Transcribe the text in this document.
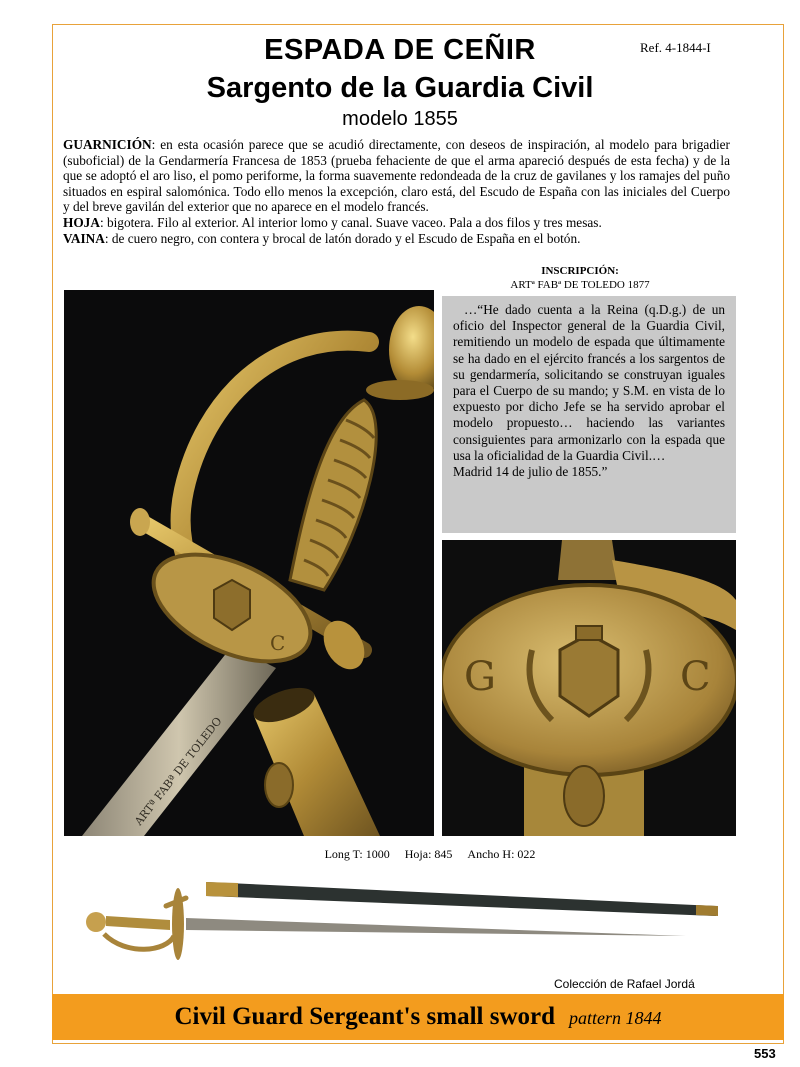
ESPADA DE CEÑIR
Sargento de la Guardia Civil
modelo 1855
Ref. 4-1844-I

GUARNICIÓN: en esta ocasión parece que se acudió directamente, con deseos de inspiración, al modelo para brigadier (suboficial) de la Gendarmería Francesa de 1853 (prueba fehaciente de que el arma apareció después de esta fecha) y de la que se adoptó el aro liso, el pomo periforme, la forma suavemente redondeada de la cruz de gavilanes y los ramajes del puño situados en espiral salomónica. Todo ello menos la excepción, claro está, del Escudo de España con las iniciales del Cuerpo y del breve gavilán del exterior que no aparece en el modelo francés.

HOJA: bigotera. Filo al exterior. Al interior lomo y canal. Suave vaceo. Pala a dos filos y tres mesas.

VAINA: de cuero negro, con contera y brocal de latón dorado y el Escudo de España en el botón.

INSCRIPCIÓN:
ARTª FABª DE TOLEDO 1877
ARTª FABª DE TOLEDO
C

…“He dado cuenta a la Reina (q.D.g.) de un oficio del Inspector general de la Guardia Civil, remitiendo un modelo de espada que últimamente se ha dado en el ejército francés a los sargentos de su gendarmería, solicitando se construyan iguales para el Cuerpo de su mando; y S.M. en vista de lo expuesto por dicho Jefe se ha servido aprobar el modelo propuesto… haciendo las variantes consiguientes para armonizarlo con la espada que usa la oficialidad de la Guardia Civil.…

Madrid 14 de julio de 1855.”

G	C
Long T: 1000 Hoja: 845 Ancho H: 022
Colección de Rafael Jordá
Civil Guard Sergeant's small sword pattern 1844
553
